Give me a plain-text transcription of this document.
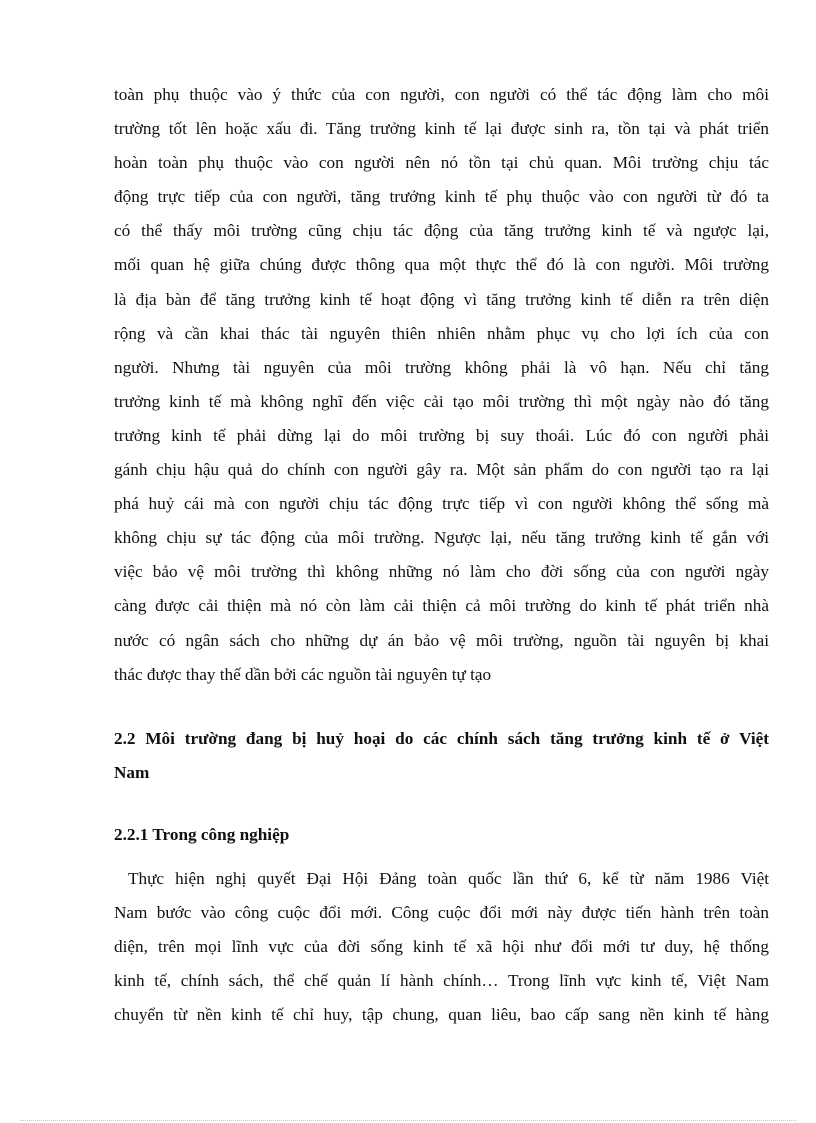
toàn phụ thuộc vào ý thức của con người, con người có thể tác động làm cho môi
trường tốt lên hoặc xấu đi. Tăng trưởng kinh tế lại được sinh ra, tồn tại và phát triển
hoàn toàn phụ thuộc vào con người nên nó tồn tại chủ quan. Môi trường chịu tác
động trực tiếp của con người, tăng trưởng kinh tế phụ thuộc vào con người từ đó ta
có thể thấy môi trường cũng chịu tác động của tăng trưởng kinh tế và ngược lại,
mối quan hệ giữa chúng được thông qua một thực thể đó là con người. Môi trường
là địa bàn để tăng trưởng kinh tế hoạt động vì tăng trưởng kinh tế diễn ra trên diện
rộng và cần khai thác tài nguyên thiên nhiên nhằm phục vụ cho lợi ích của con
người. Nhưng tài nguyên của môi trường không phải là vô hạn. Nếu chỉ tăng
trưởng kinh tế mà không nghĩ đến việc cải tạo môi trường thì một ngày nào đó tăng
trưởng kinh tế phải dừng lại do môi trường bị suy thoái. Lúc đó con người phải
gánh chịu hậu quả do chính con người gây ra. Một sản phẩm do con người tạo ra lại
phá huỷ cái mà con người chịu tác động trực tiếp vì con người không thể sống mà
không chịu sự tác động của môi trường. Ngược lại, nếu tăng trưởng kinh tế gắn với
việc bảo vệ môi trường thì không những nó làm cho đời sống của con người ngày
càng được cải thiện mà nó còn làm cải thiện cả môi trường do kinh tế phát triển nhà
nước có ngân sách cho những dự án bảo vệ môi trường, nguồn tài nguyên bị khai
thác được thay thế dần bởi các nguồn tài nguyên tự tạo

2.2 Môi trường đang bị huỷ hoại do các chính sách tăng trưởng kinh tế ở Việt
Nam
2.2.1 Trong công nghiệp

Thực hiện nghị quyết Đại Hội Đảng toàn quốc lần thứ 6, kể từ năm 1986 Việt
Nam bước vào công cuộc đổi mới. Công cuộc đổi mới này được tiến hành trên toàn
diện, trên mọi lĩnh vực của đời sống kinh tế xã hội như đổi mới tư duy, hệ thống
kinh tế, chính sách, thể chế quản lí hành chính… Trong lĩnh vực kinh tế, Việt Nam
chuyển từ nền kinh tế chỉ huy, tập chung, quan liêu, bao cấp sang nền kinh tế hàng
